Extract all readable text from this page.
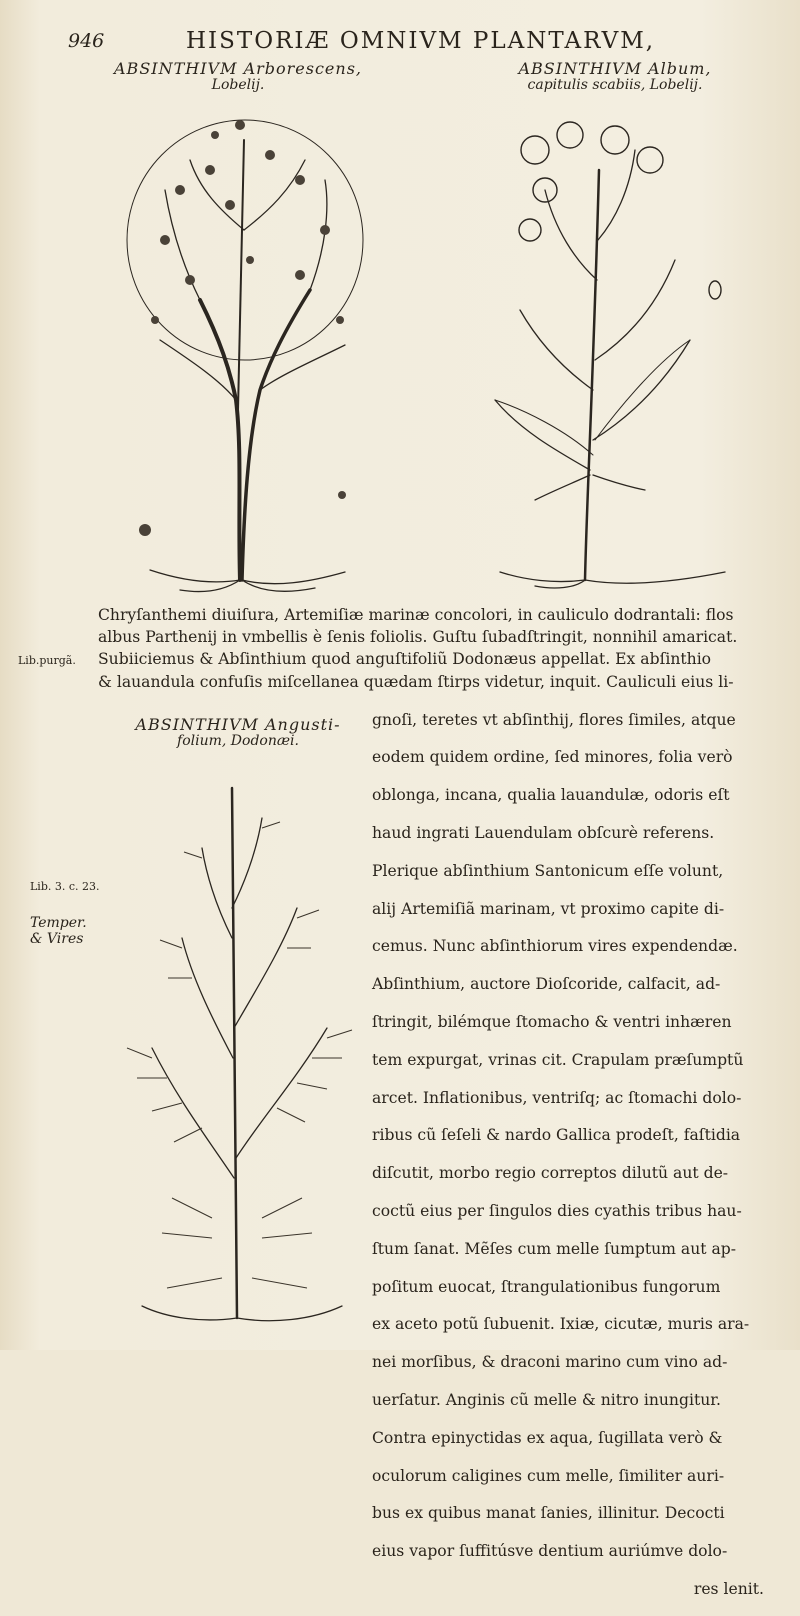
946	HISTORIÆ OMNIVM PLANTARVM,
ABSINTHIVM Arborescens,
Lobelij.
ABSINTHIVM Album,
capitulis scabiis, Lobelij.
ABSINTHIVM Angusti-
folium, Dodonæi.

Chryſanthemi diuiſura, Artemiſiæ marinæ concolori, in cauliculo dodrantali: flos

albus Parthenij in vmbellis è ſenis foliolis. Guſtu ſubadſtringit, nonnihil amaricat.

Subiiciemus & Abſinthium quod anguſtifoliũ Dodonæus appellat. Ex abſinthio

& lauandula confuſis miſcellanea quædam ſtirps videtur, inquit. Cauliculi eius li-

gnoſi, teretes vt abſinthij, flores ſimiles, atque

eodem quidem ordine, ſed minores, folia verò

oblonga, incana, qualia lauandulæ, odoris eſt

haud ingrati Lauendulam obſcurè referens.

Plerique abſinthium Santonicum eſſe volunt,

alij Artemiſiã marinam, vt proximo capite di-

cemus. Nunc abſinthiorum vires expendendæ.

Abſinthium, auctore Dioſcoride, calfacit, ad-

ſtringit, bilémque ſtomacho & ventri inhæren

tem expurgat, vrinas cit. Crapulam præſumptũ

arcet. Inflationibus, ventriſq; ac ſtomachi dolo-

ribus cũ ſeſeli & nardo Gallica prodeſt, faſtidia

diſcutit, morbo regio correptos dilutũ aut de-

coctũ eius per ſingulos dies cyathis tribus hau-

ſtum ſanat. Mẽſes cum melle ſumptum aut ap-

poſitum euocat, ſtrangulationibus fungorum

ex aceto potũ ſubuenit. Ixiæ, cicutæ, muris ara-

nei morſibus, & draconi marino cum vino ad-

uerſatur. Anginis cũ melle & nitro inungitur.

Contra epinyctidas ex aqua, ſugillata verò &

oculorum caligines cum melle, ſimiliter auri-

bus ex quibus manat ſanies, illinitur. Decocti

eius vapor ſuffitúsve dentium auriúmve dolo-

res lenit.

Lib.purgã.
Lib. 3. c. 23.
Temper.
& Vires
